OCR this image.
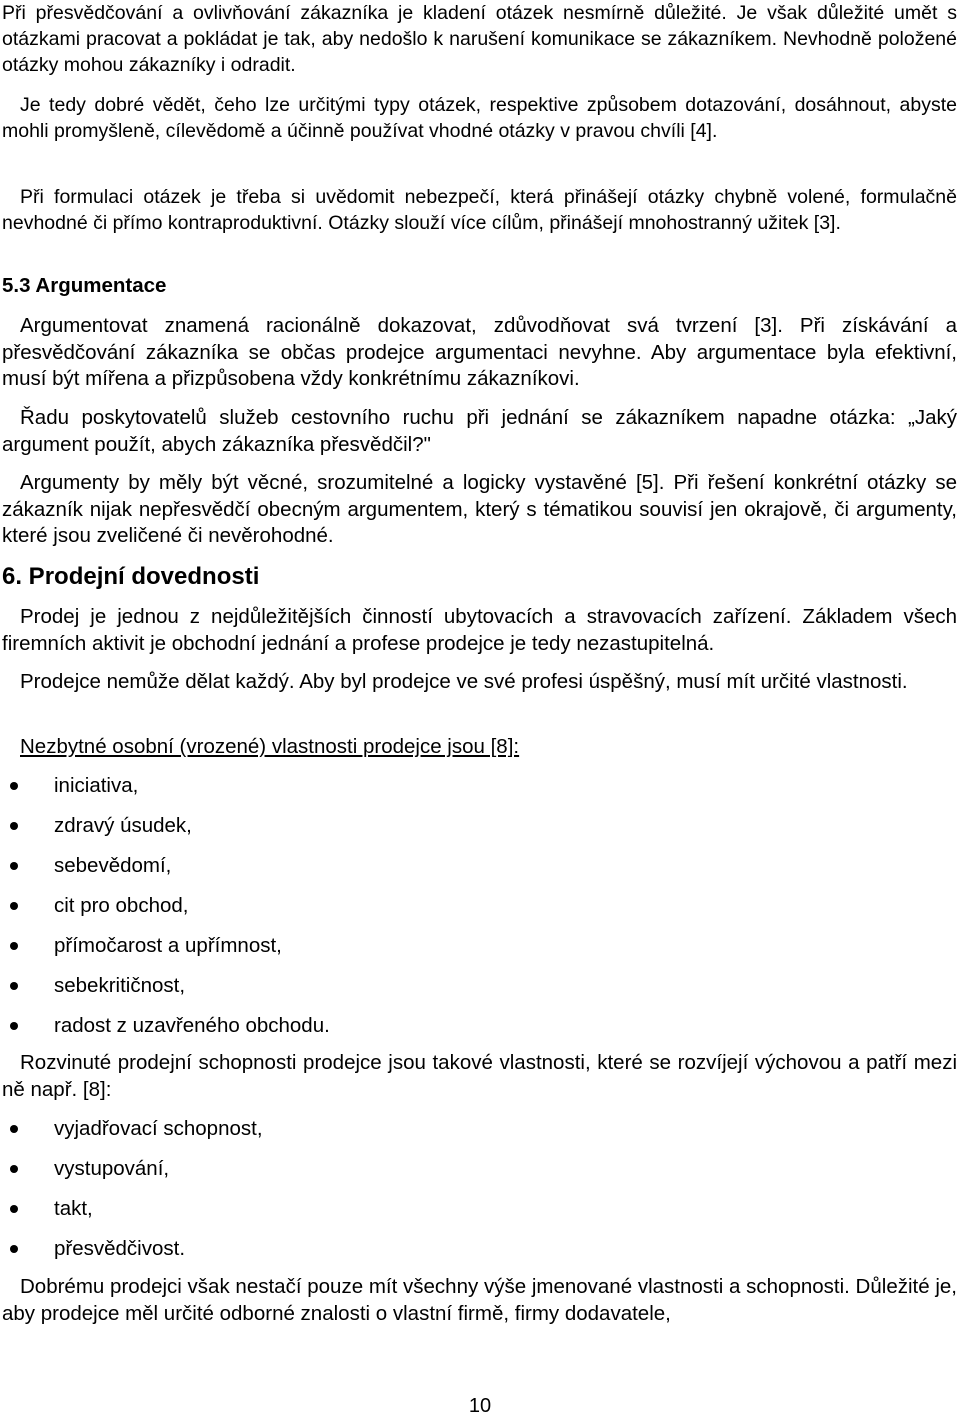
Při přesvědčování a ovlivňování zákazníka je kladení otázek nesmírně důležité. Je však důležité umět s otázkami pracovat a pokládat je tak, aby nedošlo k narušení komunikace se zákazníkem. Nevhodně položené otázky mohou zákazníky i odradit.

Je tedy dobré vědět, čeho lze určitými typy otázek, respektive způsobem dotazování, dosáhnout, abyste mohli promyšleně, cílevědomě a účinně používat vhodné otázky v pravou chvíli [4].

Při formulaci otázek je třeba si uvědomit nebezpečí, která přinášejí otázky chybně volené, formulačně nevhodné či přímo kontraproduktivní. Otázky slouží více cílům, přinášejí mnohostranný užitek [3].

5.3 Argumentace

Argumentovat znamená racionálně dokazovat, zdůvodňovat svá tvrzení [3]. Při získávání a přesvědčování zákazníka se občas prodejce argumentaci nevyhne. Aby argumentace byla efektivní, musí být mířena a přizpůsobena vždy konkrétnímu zákazníkovi.

Řadu poskytovatelů služeb cestovního ruchu při jednání se zákazníkem napadne otázka: „Jaký argument použít, abych zákazníka přesvědčil?"

Argumenty by měly být věcné, srozumitelné a logicky vystavěné [5]. Při řešení konkrétní otázky se zákazník nijak nepřesvědčí obecným argumentem, který s tématikou souvisí jen okrajově, či argumenty, které jsou zveličené či nevěrohodné.

6. Prodejní dovednosti

Prodej je jednou z nejdůležitějších činností ubytovacích a stravovacích zařízení. Základem všech firemních aktivit je obchodní jednání a profese prodejce je tedy nezastupitelná.

Prodejce nemůže dělat každý. Aby byl prodejce ve své profesi úspěšný, musí mít určité vlastnosti.

Nezbytné osobní (vrozené) vlastnosti prodejce jsou [8]:

iniciativa,
zdravý úsudek,
sebevědomí,
cit pro obchod,
přímočarost a upřímnost,
sebekritičnost,
radost z uzavřeného obchodu.

Rozvinuté prodejní schopnosti prodejce jsou takové vlastnosti, které se rozvíjejí výchovou a patří mezi ně např. [8]:

vyjadřovací schopnost,
vystupování,
takt,
přesvědčivost.

Dobrému prodejci však nestačí pouze mít všechny výše jmenované vlastnosti a schopnosti. Důležité je, aby prodejce měl určité odborné znalosti o vlastní firmě, firmy dodavatele,

10
